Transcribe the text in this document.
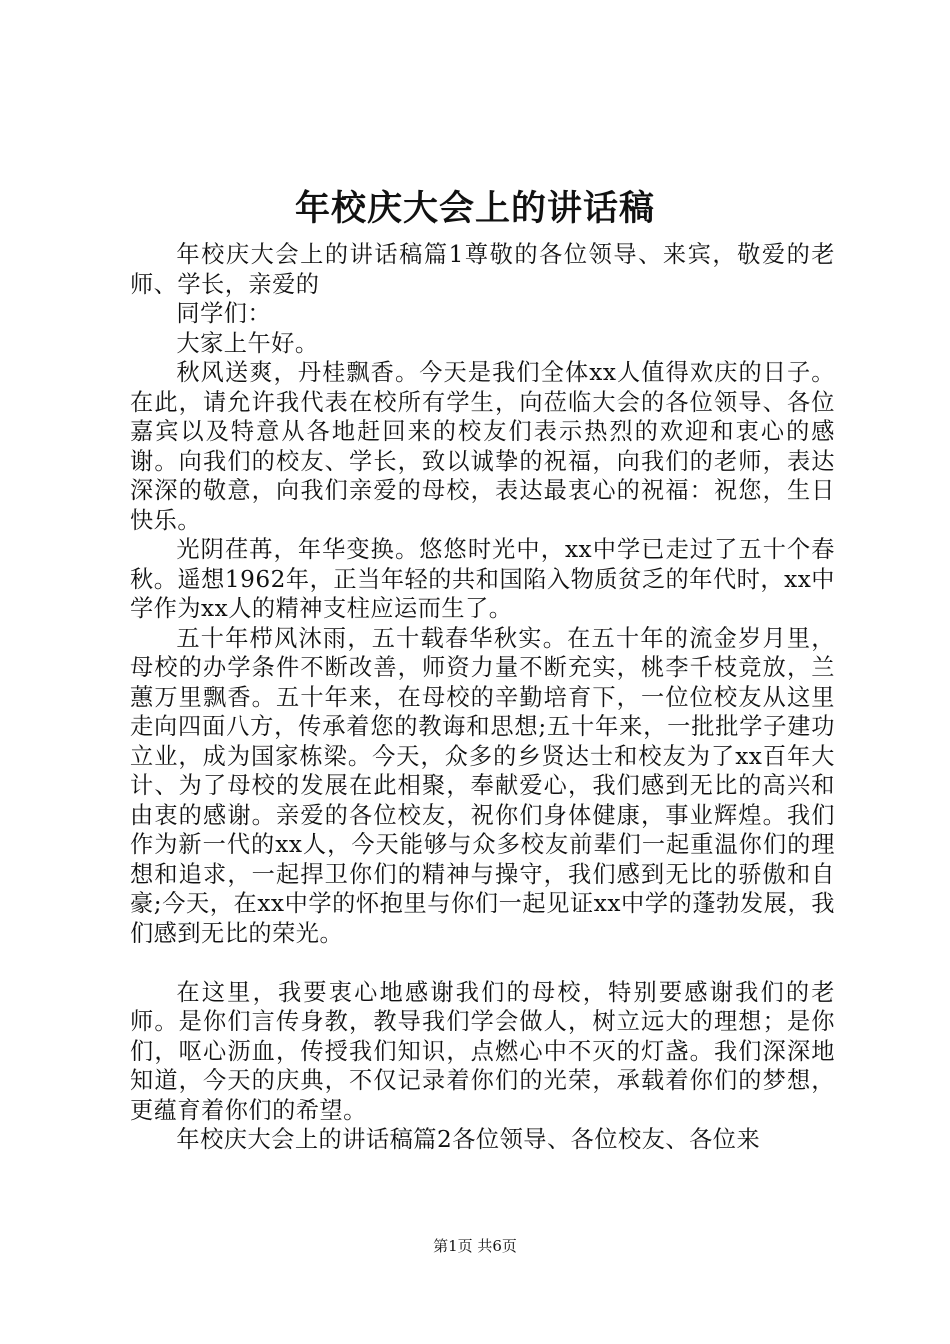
年校庆大会上的讲话稿

年校庆大会上的讲话稿篇1尊敬的各位领导、来宾，敬爱的老师、学长，亲爱的

同学们：

大家上午好。

秋风送爽，丹桂飘香。今天是我们全体xx人值得欢庆的日子。在此，请允许我代表在校所有学生，向莅临大会的各位领导、各位嘉宾以及特意从各地赶回来的校友们表示热烈的欢迎和衷心的感谢。向我们的校友、学长，致以诚挚的祝福，向我们的老师，表达深深的敬意，向我们亲爱的母校，表达最衷心的祝福：祝您，生日快乐。

光阴荏苒，年华变换。悠悠时光中，xx中学已走过了五十个春秋。遥想1962年，正当年轻的共和国陷入物质贫乏的年代时，xx中学作为xx人的精神支柱应运而生了。

五十年栉风沐雨，五十载春华秋实。在五十年的流金岁月里，母校的办学条件不断改善，师资力量不断充实，桃李千枝竞放，兰蕙万里飘香。五十年来，在母校的辛勤培育下，一位位校友从这里走向四面八方，传承着您的教诲和思想;五十年来，一批批学子建功立业，成为国家栋梁。今天，众多的乡贤达士和校友为了xx百年大计、为了母校的发展在此相聚，奉献爱心，我们感到无比的高兴和由衷的感谢。亲爱的各位校友，祝你们身体健康，事业辉煌。我们作为新一代的xx人，今天能够与众多校友前辈们一起重温你们的理想和追求，一起捍卫你们的精神与操守，我们感到无比的骄傲和自豪;今天，在xx中学的怀抱里与你们一起见证xx中学的蓬勃发展，我们感到无比的荣光。

在这里，我要衷心地感谢我们的母校，特别要感谢我们的老师。是你们言传身教，教导我们学会做人，树立远大的理想；是你们，呕心沥血，传授我们知识，点燃心中不灭的灯盏。我们深深地知道，今天的庆典，不仅记录着你们的光荣，承载着你们的梦想，更蕴育着你们的希望。

年校庆大会上的讲话稿篇2各位领导、各位校友、各位来

第1页 共6页
